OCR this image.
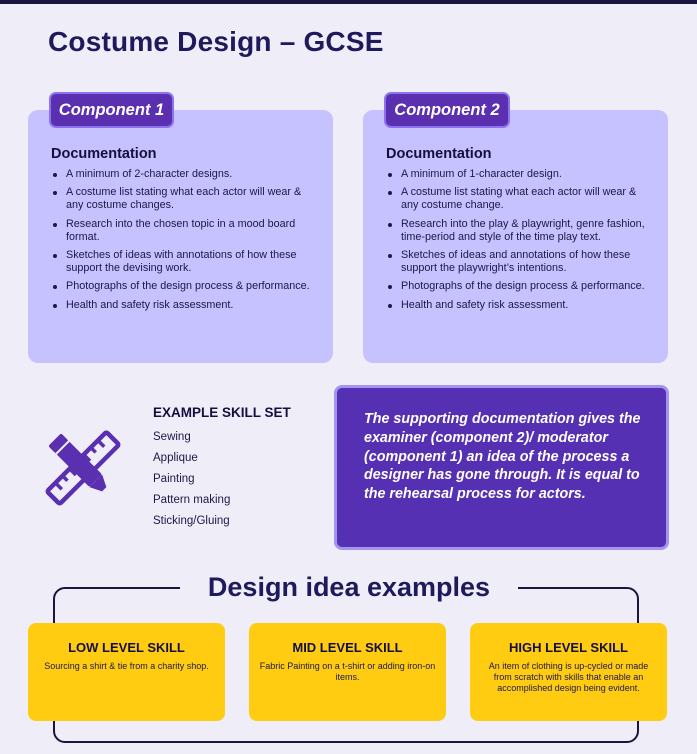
Costume Design – GCSE
Documentation
A minimum of 2-character designs.
A costume list stating what each actor will wear & any costume changes.
Research into the chosen topic in a mood board format.
Sketches of ideas with annotations of how these support the devising work.
Photographs of the design process & performance.
Health and safety risk assessment.
Component 1
Documentation
A minimum of 1-character design.
A costume list stating what each actor will wear & any costume change.
Research into the play & playwright, genre fashion, time-period and style of the time play text.
Sketches of ideas and annotations of how these support the playwright’s intentions.
Photographs of the design process & performance.
Health and safety risk assessment.
Component 2
EXAMPLE SKILL SET
Sewing
Applique
Painting
Pattern making
Sticking/Gluing

The supporting documentation gives the examiner (component 2)/ moderator (component 1) an idea of the process a designer has gone through. It is equal to the rehearsal process for actors.

Design idea examples
LOW LEVEL SKILL

Sourcing a shirt & tie from a charity shop.

MID LEVEL SKILL

Fabric Painting on a t-shirt or adding iron-on items.

HIGH LEVEL SKILL

An item of clothing is up-cycled or made from scratch with skills that enable an accomplished design being evident.
